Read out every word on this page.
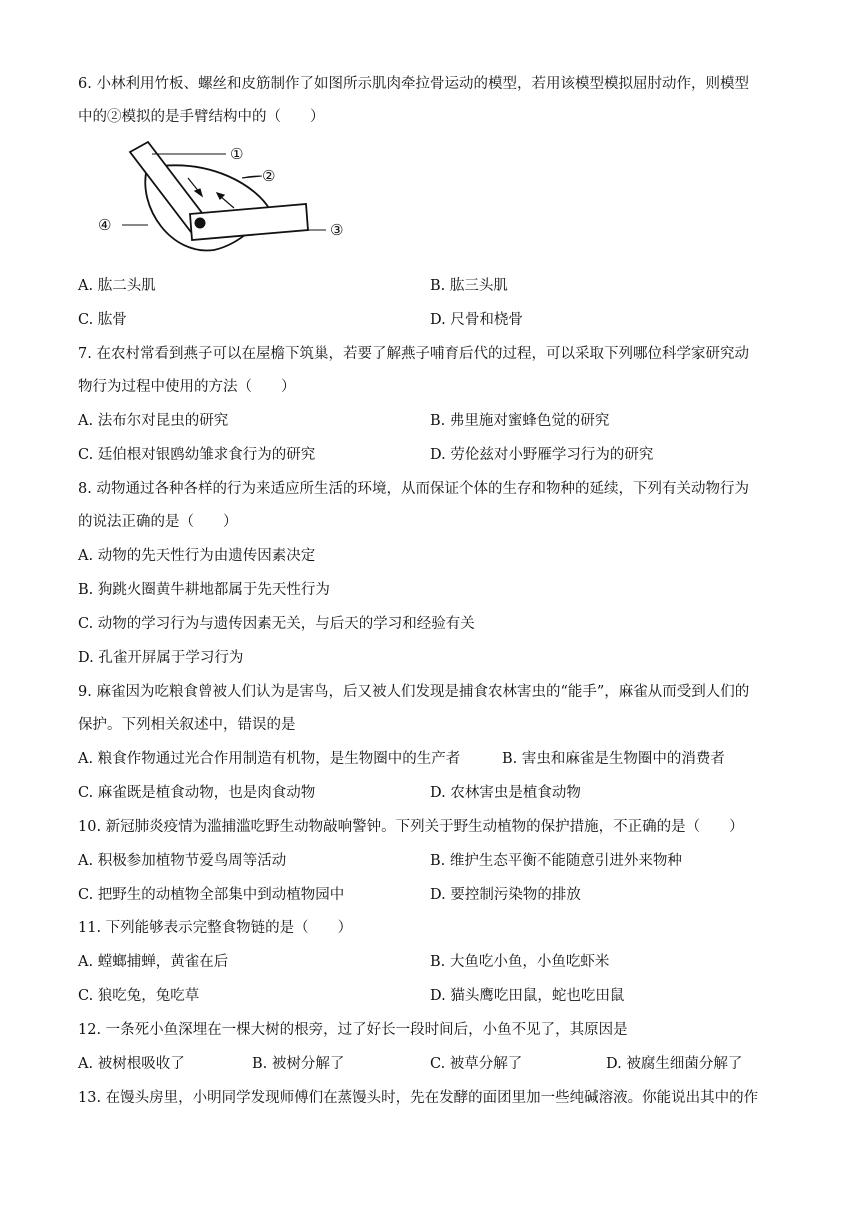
6. 小林利用竹板、螺丝和皮筋制作了如图所示肌肉牵拉骨运动的模型，若用该模型模拟屈肘动作，则模型
中的②模拟的是手臂结构中的（　　）
①
②
③
④
A. 肱二头肌	B. 肱三头肌
C. 肱骨	D. 尺骨和桡骨
7. 在农村常看到燕子可以在屋檐下筑巢，若要了解燕子哺育后代的过程，可以采取下列哪位科学家研究动
物行为过程中使用的方法（　　）
A. 法布尔对昆虫的研究	B. 弗里施对蜜蜂色觉的研究
C. 廷伯根对银鸥幼雏求食行为的研究	D. 劳伦兹对小野雁学习行为的研究
8. 动物通过各种各样的行为来适应所生活的环境，从而保证个体的生存和物种的延续，下列有关动物行为
的说法正确的是（　　）
A. 动物的先天性行为由遗传因素决定
B. 狗跳火圈黄牛耕地都属于先天性行为
C. 动物的学习行为与遗传因素无关，与后天的学习和经验有关
D. 孔雀开屏属于学习行为
9. 麻雀因为吃粮食曾被人们认为是害鸟，后又被人们发现是捕食农林害虫的“能手”，麻雀从而受到人们的
保护。下列相关叙述中，错误的是
A. 粮食作物通过光合作用制造有机物，是生物圈中的生产者	B. 害虫和麻雀是生物圈中的消费者
C. 麻雀既是植食动物，也是肉食动物	D. 农林害虫是植食动物
10. 新冠肺炎疫情为滥捕滥吃野生动物敲响警钟。下列关于野生动植物的保护措施，不正确的是（　　）
A. 积极参加植物节爱鸟周等活动	B. 维护生态平衡不能随意引进外来物种
C. 把野生的动植物全部集中到动植物园中	D. 要控制污染物的排放
11. 下列能够表示完整食物链的是（　　）
A. 螳螂捕蝉，黄雀在后	B. 大鱼吃小鱼，小鱼吃虾米
C. 狼吃兔，兔吃草	D. 猫头鹰吃田鼠，蛇也吃田鼠
12. 一条死小鱼深埋在一棵大树的根旁，过了好长一段时间后，小鱼不见了，其原因是
A. 被树根吸收了	B. 被树分解了	C. 被草分解了	D. 被腐生细菌分解了
13. 在馒头房里，小明同学发现师傅们在蒸馒头时，先在发酵的面团里加一些纯碱溶液。你能说出其中的作
